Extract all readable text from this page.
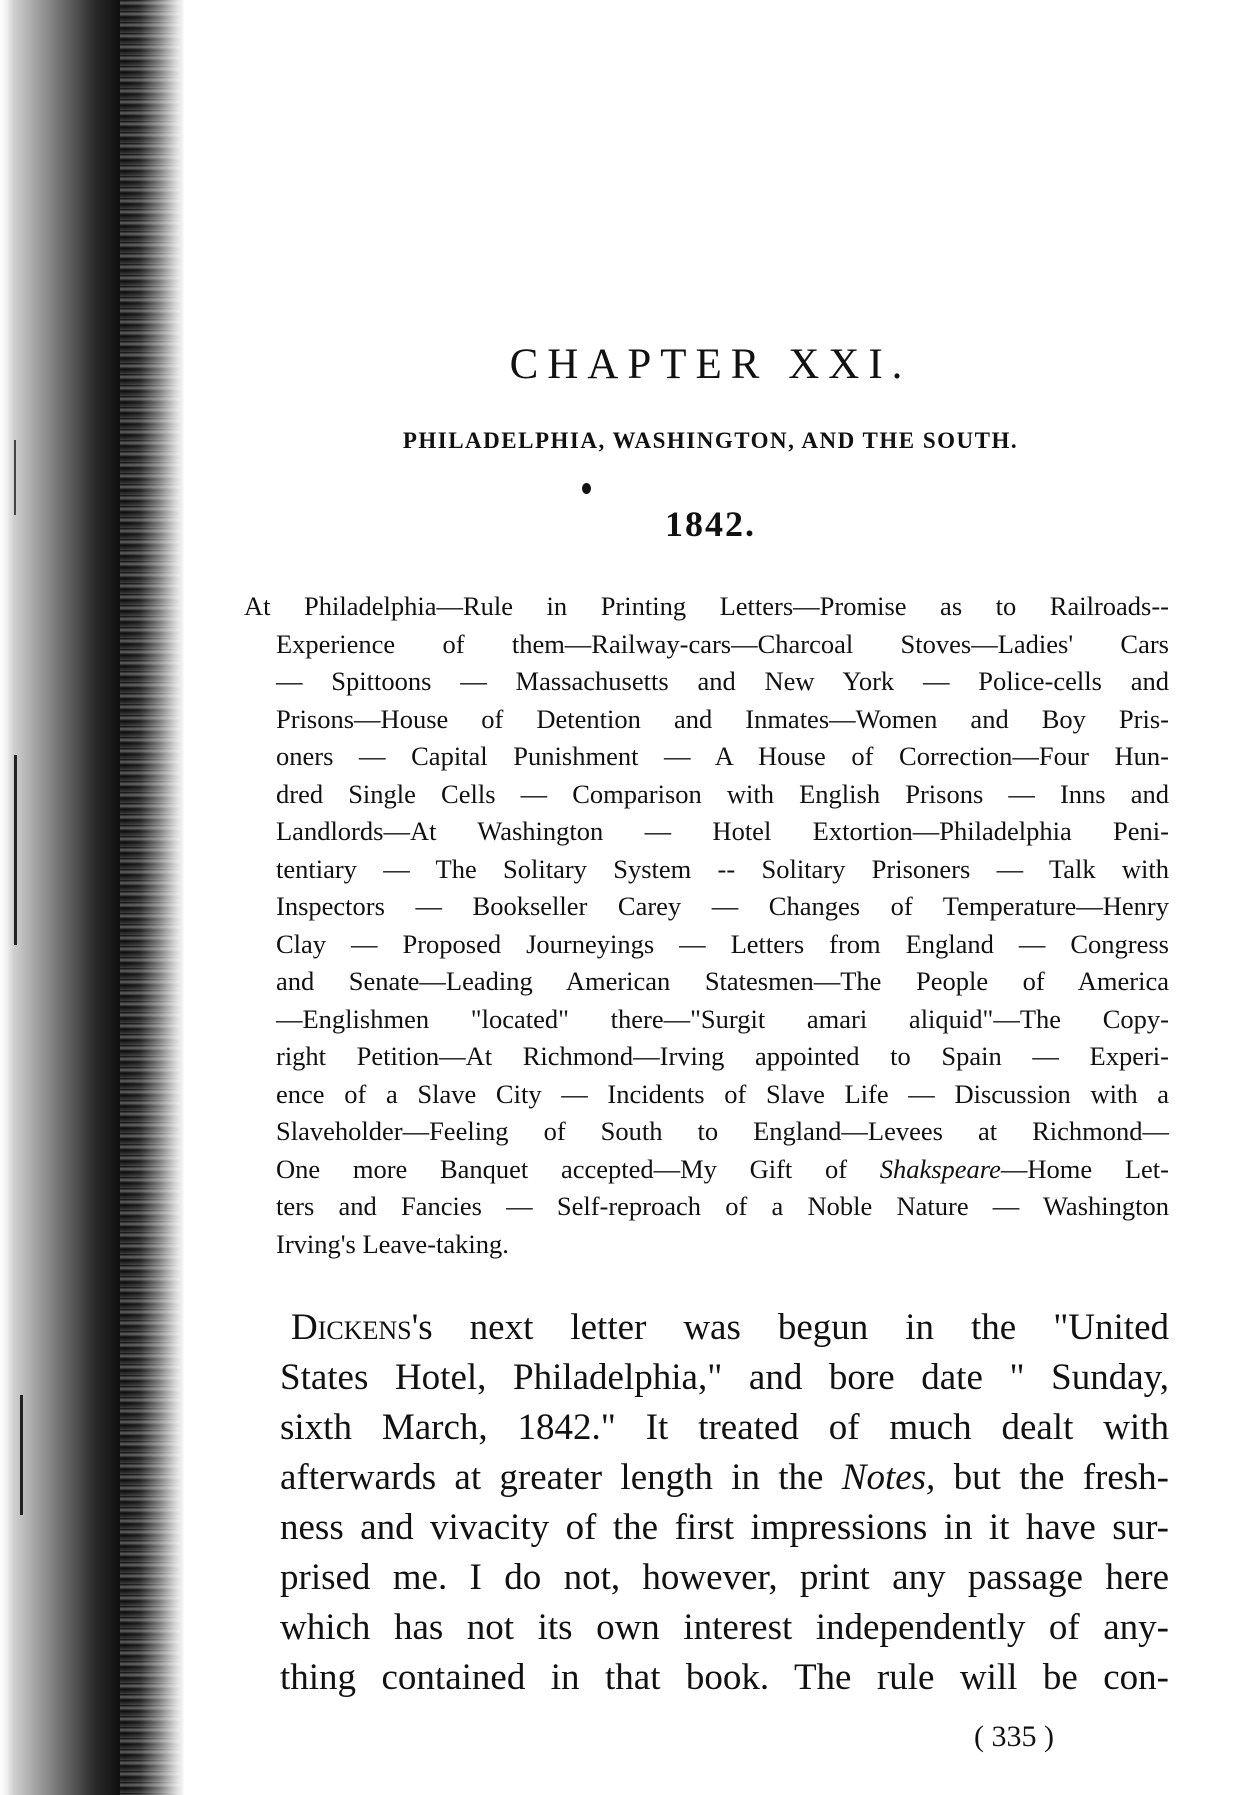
CHAPTER XXI.
PHILADELPHIA, WASHINGTON, AND THE SOUTH.
1842.
At Philadelphia—Rule in Printing Letters—Promise as to Railroads--
Experience of them—Railway-cars—Charcoal Stoves—Ladies' Cars
— Spittoons — Massachusetts and New York — Police-cells and
Prisons—House of Detention and Inmates—Women and Boy Pris-
oners — Capital Punishment — A House of Correction—Four Hun-
dred Single Cells — Comparison with English Prisons — Inns and
Landlords—At Washington — Hotel Extortion—Philadelphia Peni-
tentiary — The Solitary System -- Solitary Prisoners — Talk with
Inspectors — Bookseller Carey — Changes of Temperature—Henry
Clay — Proposed Journeyings — Letters from England — Congress
and Senate—Leading American Statesmen—The People of America
—Englishmen "located" there—"Surgit amari aliquid"—The Copy-
right Petition—At Richmond—Irving appointed to Spain — Experi-
ence of a Slave City — Incidents of Slave Life — Discussion with a
Slaveholder—Feeling of South to England—Levees at Richmond—
One more Banquet accepted—My Gift of Shakspeare—Home Let-
ters and Fancies — Self-reproach of a Noble Nature — Washington
Irving's Leave-taking.
Dickens's next letter was begun in the "United
States Hotel, Philadelphia," and bore date " Sunday,
sixth March, 1842." It treated of much dealt with
afterwards at greater length in the Notes, but the fresh-
ness and vivacity of the first impressions in it have sur-
prised me. I do not, however, print any passage here
which has not its own interest independently of any-
thing contained in that book. The rule will be con-
( 335 )
